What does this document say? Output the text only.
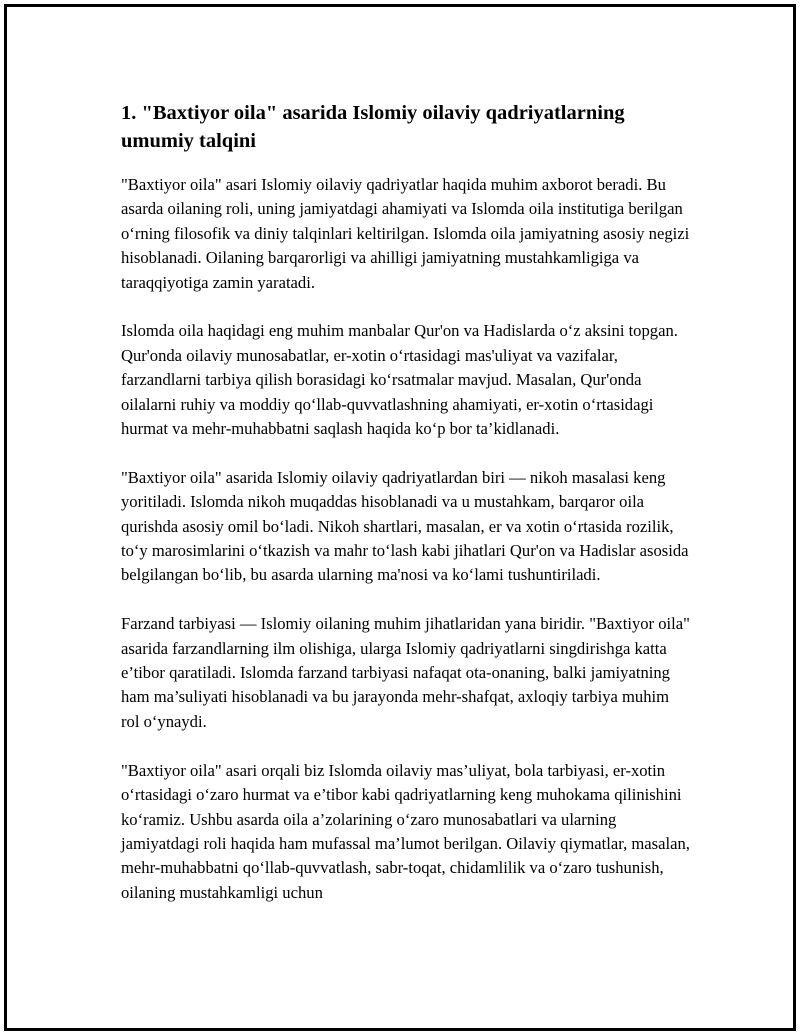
1. "Baxtiyor oila" asarida Islomiy oilaviy qadriyatlarning umumiy talqini

"Baxtiyor oila" asari Islomiy oilaviy qadriyatlar haqida muhim axborot beradi. Bu asarda oilaning roli, uning jamiyatdagi ahamiyati va Islomda oila institutiga berilgan o‘rning filosofik va diniy talqinlari keltirilgan. Islomda oila jamiyatning asosiy negizi hisoblanadi. Oilaning barqarorligi va ahilligi jamiyatning mustahkamligiga va taraqqiyotiga zamin yaratadi.

Islomda oila haqidagi eng muhim manbalar Qur'on va Hadislarda o‘z aksini topgan. Qur'onda oilaviy munosabatlar, er-xotin o‘rtasidagi mas'uliyat va vazifalar, farzandlarni tarbiya qilish borasidagi ko‘rsatmalar mavjud. Masalan, Qur'onda oilalarni ruhiy va moddiy qo‘llab-quvvatlashning ahamiyati, er-xotin o‘rtasidagi hurmat va mehr-muhabbatni saqlash haqida ko‘p bor ta’kidlanadi.

"Baxtiyor oila" asarida Islomiy oilaviy qadriyatlardan biri — nikoh masalasi keng yoritiladi. Islomda nikoh muqaddas hisoblanadi va u mustahkam, barqaror oila qurishda asosiy omil bo‘ladi. Nikoh shartlari, masalan, er va xotin o‘rtasida rozilik, to‘y marosimlarini o‘tkazish va mahr to‘lash kabi jihatlari Qur'on va Hadislar asosida belgilangan bo‘lib, bu asarda ularning ma'nosi va ko‘lami tushuntiriladi.

Farzand tarbiyasi — Islomiy oilaning muhim jihatlaridan yana biridir. "Baxtiyor oila" asarida farzandlarning ilm olishiga, ularga Islomiy qadriyatlarni singdirishga katta e’tibor qaratiladi. Islomda farzand tarbiyasi nafaqat ota-onaning, balki jamiyatning ham ma’suliyati hisoblanadi va bu jarayonda mehr-shafqat, axloqiy tarbiya muhim rol o‘ynaydi.

"Baxtiyor oila" asari orqali biz Islomda oilaviy mas’uliyat, bola tarbiyasi, er-xotin o‘rtasidagi o‘zaro hurmat va e’tibor kabi qadriyatlarning keng muhokama qilinishini ko‘ramiz. Ushbu asarda oila a’zolarining o‘zaro munosabatlari va ularning jamiyatdagi roli haqida ham mufassal ma’lumot berilgan. Oilaviy qiymatlar, masalan, mehr-muhabbatni qo‘llab-quvvatlash, sabr-toqat, chidamlilik va o‘zaro tushunish, oilaning mustahkamligi uchun
